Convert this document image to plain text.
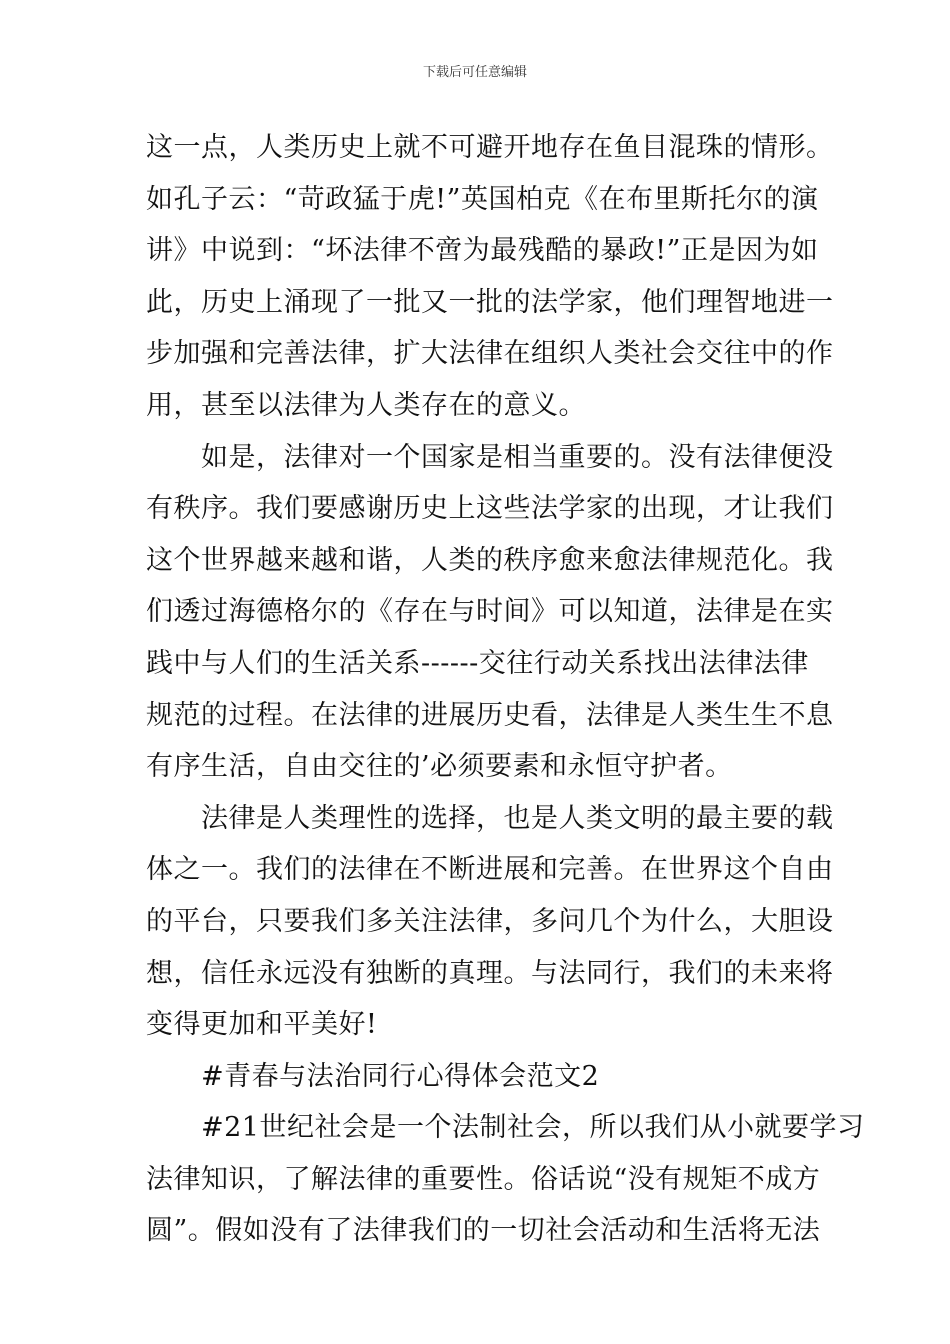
下载后可任意编辑
这一点，人类历史上就不可避开地存在鱼目混珠的情形。
如孔子云：“苛政猛于虎!”英国柏克《在布里斯托尔的演
讲》中说到：“坏法律不啻为最残酷的暴政!”正是因为如
此，历史上涌现了一批又一批的法学家，他们理智地进一
步加强和完善法律，扩大法律在组织人类社会交往中的作
用，甚至以法律为人类存在的意义。
　　如是，法律对一个国家是相当重要的。没有法律便没
有秩序。我们要感谢历史上这些法学家的出现，才让我们
这个世界越来越和谐，人类的秩序愈来愈法律规范化。我
们透过海德格尔的《存在与时间》可以知道，法律是在实
践中与人们的生活关系------交往行动关系找出法律法律
规范的过程。在法律的进展历史看，法律是人类生生不息
有序生活，自由交往的’必须要素和永恒守护者。
　　法律是人类理性的选择，也是人类文明的最主要的载
体之一。我们的法律在不断进展和完善。在世界这个自由
的平台，只要我们多关注法律，多问几个为什么，大胆设
想，信任永远没有独断的真理。与法同行，我们的未来将
变得更加和平美好!
　　#青春与法治同行心得体会范文2
　　#21世纪社会是一个法制社会，所以我们从小就要学习
法律知识，了解法律的重要性。俗话说“没有规矩不成方
圆”。假如没有了法律我们的一切社会活动和生活将无法
